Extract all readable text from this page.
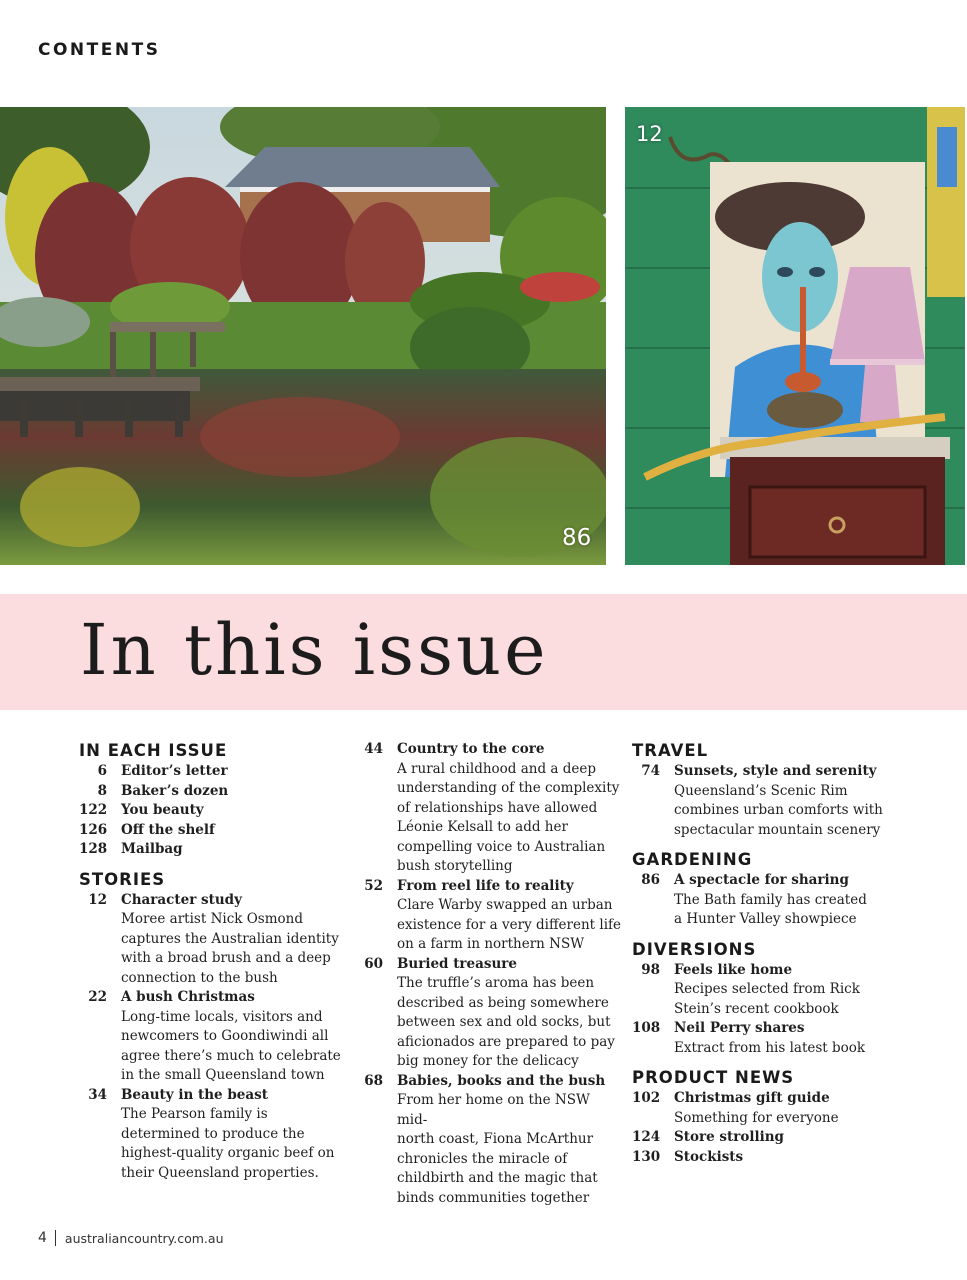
CONTENTS
86
12
In this issue
IN EACH ISSUE
6 Editor’s letter
8 Baker’s dozen
122 You beauty
126 Off the shelf
128 Mailbag
STORIES
12 Character study
Moree artist Nick Osmond
captures the Australian identity
with a broad brush and a deep
connection to the bush
22 A bush Christmas
Long-time locals, visitors and
newcomers to Goondiwindi all
agree there’s much to celebrate
in the small Queensland town
34 Beauty in the beast
The Pearson family is
determined to produce the
highest-quality organic beef on
their Queensland properties.
44 Country to the core
A rural childhood and a deep
understanding of the complexity
of relationships have allowed
Léonie Kelsall to add her
compelling voice to Australian
bush storytelling
52 From reel life to reality
Clare Warby swapped an urban
existence for a very different life
on a farm in northern NSW
60 Buried treasure
The truffle’s aroma has been
described as being somewhere
between sex and old socks, but
aficionados are prepared to pay
big money for the delicacy
68 Babies, books and the bush
From her home on the NSW mid-
north coast, Fiona McArthur
chronicles the miracle of
childbirth and the magic that
binds communities together
TRAVEL
74 Sunsets, style and serenity
Queensland’s Scenic Rim
combines urban comforts with
spectacular mountain scenery
GARDENING
86 A spectacle for sharing
The Bath family has created
a Hunter Valley showpiece
DIVERSIONS
98 Feels like home
Recipes selected from Rick
Stein’s recent cookbook
108 Neil Perry shares
Extract from his latest book
PRODUCT NEWS
102 Christmas gift guide
Something for everyone
124 Store strolling
130 Stockists
4 australiancountry.com.au
